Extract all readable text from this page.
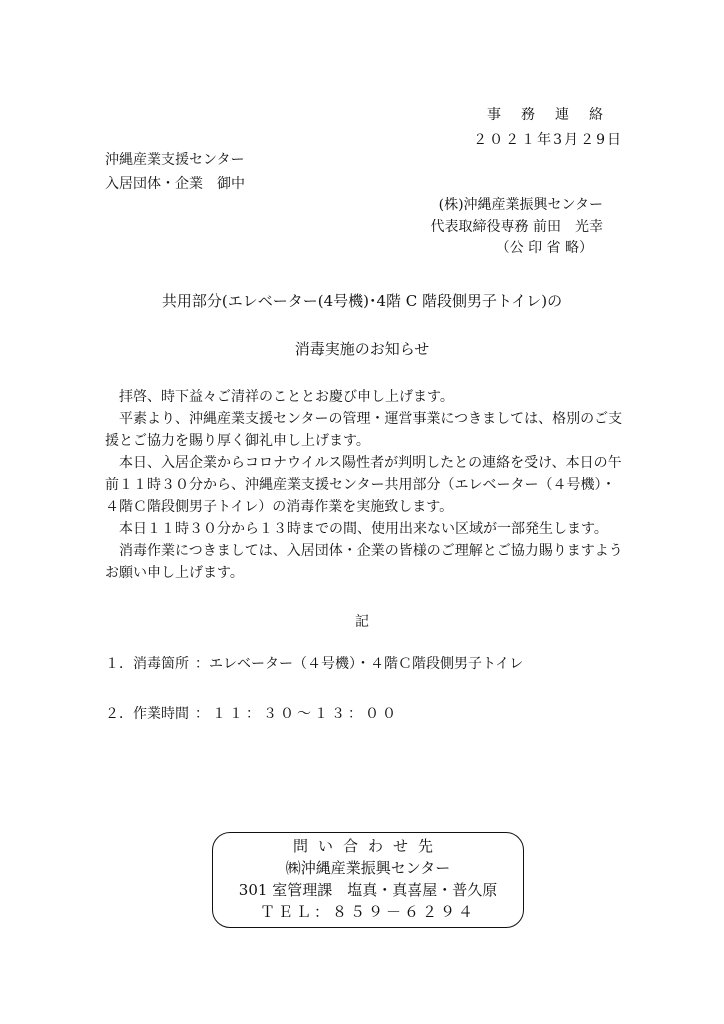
事務連絡
２０２１年3月２9日
沖縄産業支援センター
入居団体・企業　御中
(株)沖縄産業振興センター
代表取締役専務 前田　光幸
（公 印 省 略）
共用部分(エレベーター(4号機)･4階 C 階段側男子トイレ)の
消毒実施のお知らせ

拝啓、時下益々ご清祥のこととお慶び申し上げます。

平素より、沖縄産業支援センターの管理・運営事業につきましては、格別のご支援とご協力を賜り厚く御礼申し上げます。

本日、入居企業からコロナウイルス陽性者が判明したとの連絡を受け、本日の午前１１時３０分から、沖縄産業支援センター共用部分（エレベーター（４号機）・４階Ｃ階段側男子トイレ）の消毒作業を実施致します。

本日１１時３０分から１３時までの間、使用出来ない区域が一部発生します。

消毒作業につきましては、入居団体・企業の皆様のご理解とご協力賜りますようお願い申し上げます。

記
１．消毒箇所 ：エレベーター（４号機）・４階Ｃ階段側男子トイレ
２．作業時間 ：１１：３０～１３：００
問い合わせ先
㈱沖縄産業振興センター
301 室管理課　塩真・真喜屋・普久原
ＴＥＬ：８５９－６２９４
